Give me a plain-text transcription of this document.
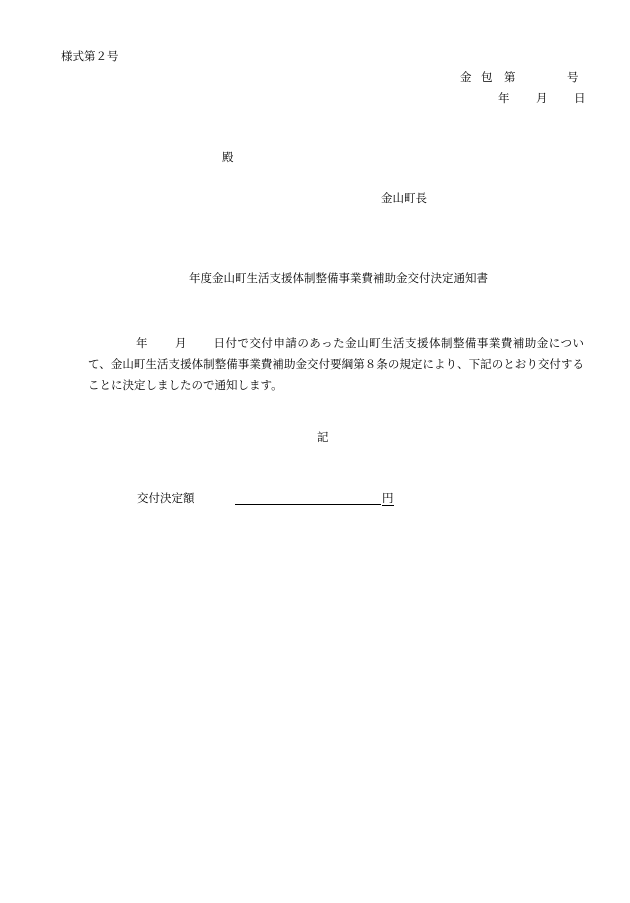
様式第２号
金 包 第	号
年 月 日
殿
金山町長
年度金山町生活支援体制整備事業費補助金交付決定通知書
年 月 日付で交付申請のあった金山町生活支援体制整備事業費補助金について、金山町生活支援体制整備事業費補助金交付要綱第８条の規定により、下記のとおり交付することに決定しましたので通知します。
記
交付決定額	円
